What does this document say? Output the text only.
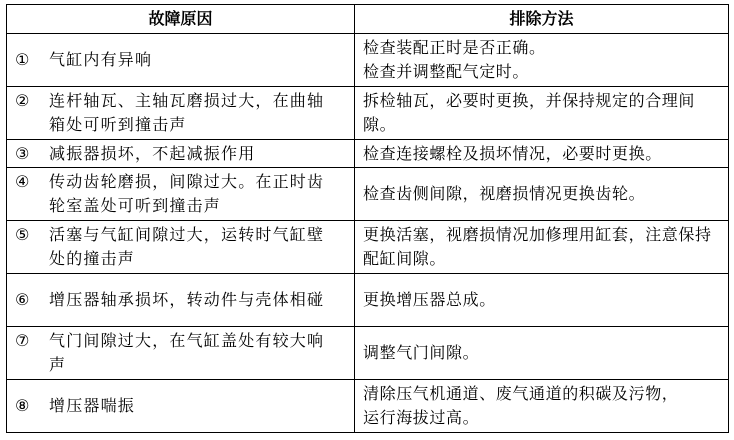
故障原因	排除方法

① 气缸内有异响	检查装配正时是否正确。
检查并调整配气定时。

② 连杆轴瓦、主轴瓦磨损过大，在曲轴箱处可听到撞击声	拆检轴瓦，必要时更换，并保持规定的合理间隙。

③ 减振器损坏，不起减振作用	检查连接螺栓及损坏情况，必要时更换。

④ 传动齿轮磨损，间隙过大。在正时齿轮室盖处可听到撞击声	检查齿侧间隙，视磨损情况更换齿轮。

⑤ 活塞与气缸间隙过大，运转时气缸壁处的撞击声	更换活塞，视磨损情况加修理用缸套，注意保持配缸间隙。

⑥ 增压器轴承损坏，转动件与壳体相碰	更换增压器总成。

⑦ 气门间隙过大，在气缸盖处有较大响声	调整气门间隙。

⑧ 增压器喘振	清除压气机通道、废气通道的积碳及污物，
运行海拔过高。
